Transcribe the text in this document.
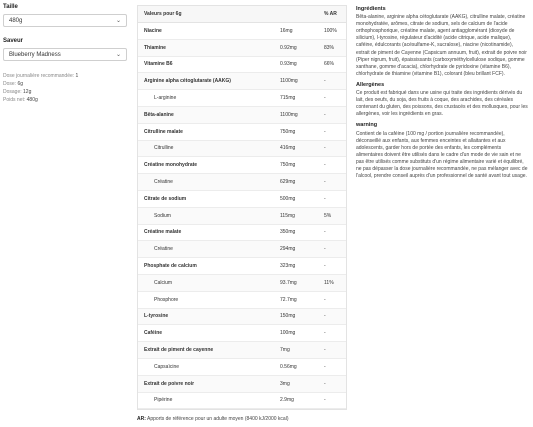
Taille
480g	⌄
Saveur
Blueberry Madness	⌄
Dose journalière recommandée: 1
Dose: 6g
Dosage: 12g
Poids net: 480g
Valeurs pour 6g	% AR
Niacine	16mg	100%
Thiamine	0.92mg	83%
Vitamine B6	0.93mg	66%
Arginine alpha cétoglutarate (AAKG)	1100mg	-
L-arginine	715mg	-
Bêta-alanine	1100mg	-
Citrulline malate	750mg	-
Citrulline	416mg	-
Créatine monohydrate	750mg	-
Créatine	629mg	-
Citrate de sodium	500mg	-
Sodium	115mg	5%
Créatine malate	350mg	-
Créatine	294mg	-
Phosphate de calcium	323mg	-
Calcium	93.7mg	11%
Phosphore	72.7mg	-
L-tyrosine	150mg	-
Caféine	100mg	-
Extrait de piment de cayenne	7mg	-
Capsaïcine	0.56mg	-
Extrait de poivre noir	3mg	-
Pipérine	2.9mg	-
AR: Apports de référence pour un adulte moyen (8400 kJ/2000 kcal)
Ingrédients

Bêta-alanine, arginine alpha cétoglutarate (AAKG), citrulline malate, créatine monohydratée, arômes, citrate de sodium, sels de calcium de l'acide orthophosphorique, créatine malate, agent antiagglomérant (dioxyde de silicium), l-tyrosine, régulateur d'acidité (acide citrique, acide malique), caféine, édulcorants (acésulfame-K, sucralose), niacine (nicotinamide), extrait de piment de Cayenne (Capsicum annuum, fruit), extrait de poivre noir (Piper nigrum, fruit), épaississants (carboxyméthylcellulose sodique, gomme xanthane, gomme d'acacia), chlorhydrate de pyridoxine (vitamine B6), chlorhydrate de thiamine (vitamine B1), colorant (bleu brillant FCF).

Allergènes

Ce produit est fabriqué dans une usine qui traite des ingrédients dérivés du lait, des oeufs, du soja, des fruits à coque, des arachides, des céréales contenant du gluten, des poissons, des crustacés et des mollusques, pour les allergènes, voir les ingrédients en gras.

warning

Contient de la caféine (100 mg / portion journalière recommandée), déconseillé aux enfants, aux femmes enceintes et allaitantes et aux adolescents, garder hors de portée des enfants, les compléments alimentaires doivent être utilisés dans le cadre d'un mode de vie sain et ne pas être utilisés comme substituts d'un régime alimentaire varié et équilibré, ne pas dépasser la dose journalière recommandée, ne pas mélanger avec de l'alcool, prendre conseil auprès d'un professionnel de santé avant tout usage.
